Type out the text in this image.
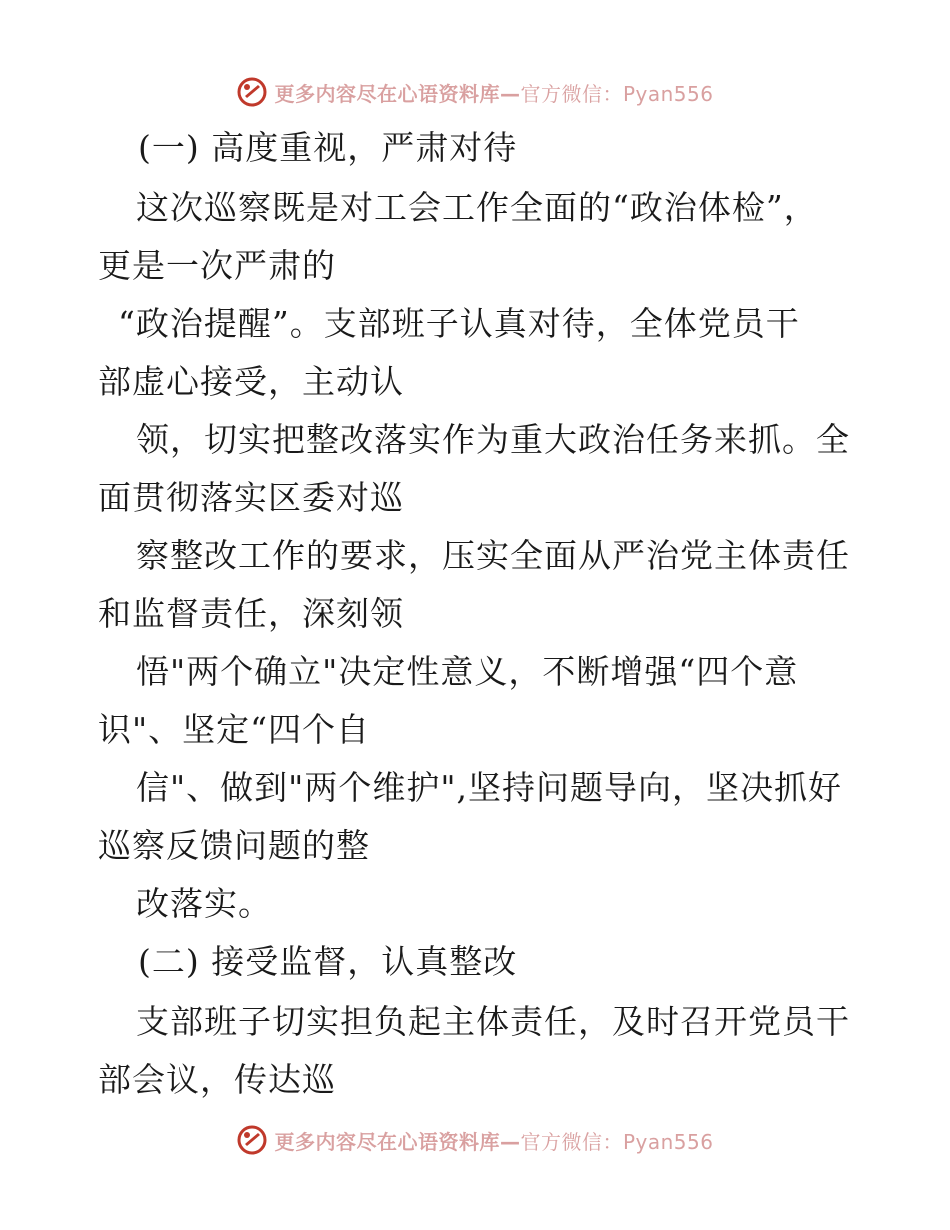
更多内容尽在心语资料库—官方微信：Pyan556
(一) 高度重视，严肃对待
这次巡察既是对工会工作全面的“政治体检”，
更是一次严肃的
“政治提醒”。支部班子认真对待，全体党员干
部虚心接受，主动认
领，切实把整改落实作为重大政治任务来抓。全
面贯彻落实区委对巡
察整改工作的要求，压实全面从严治党主体责任
和监督责任，深刻领
悟"两个确立"决定性意义，不断增强“四个意
识"、坚定“四个自
信"、做到"两个维护",坚持问题导向，坚决抓好
巡察反馈问题的整
改落实。
(二) 接受监督，认真整改
支部班子切实担负起主体责任，及时召开党员干
部会议，传达巡
更多内容尽在心语资料库—官方微信：Pyan556
